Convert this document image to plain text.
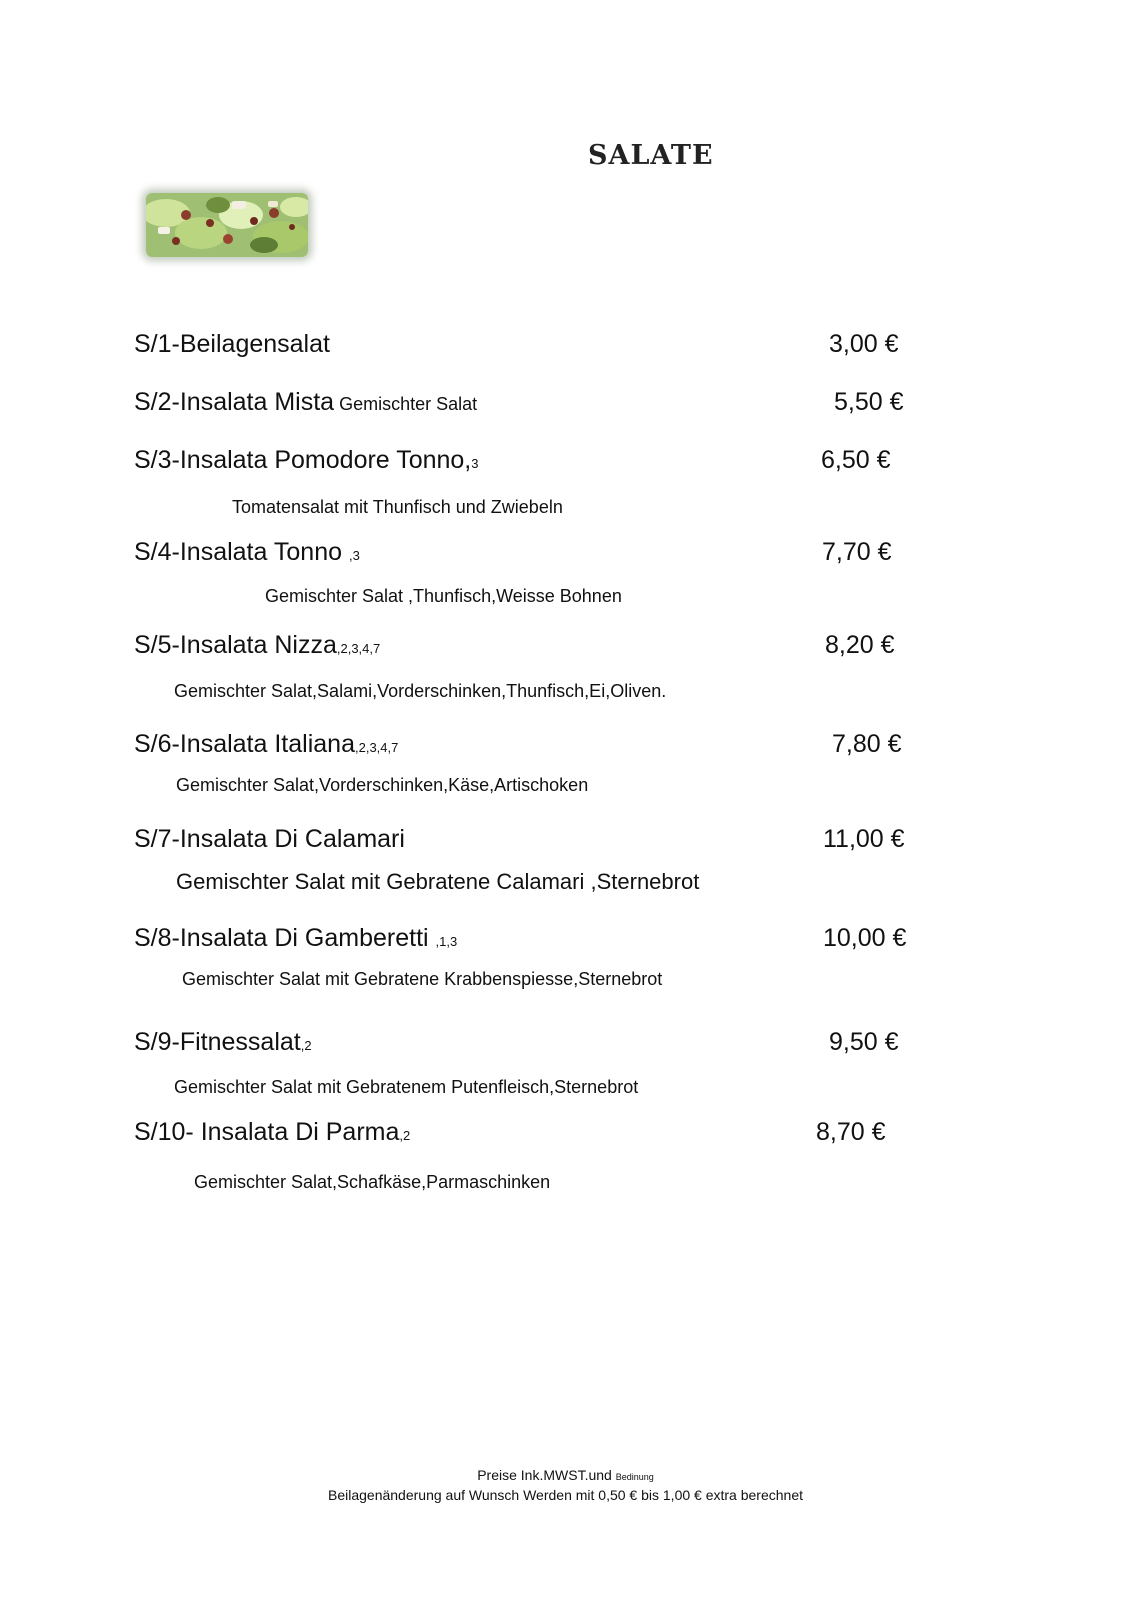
SALATE
S/1-Beilagensalat	3,00 €
S/2-Insalata Mista Gemischter Salat	5,50 €
S/3-Insalata Pomodore Tonno,3	6,50 €
Tomatensalat mit Thunfisch und Zwiebeln
S/4-Insalata Tonno ,3	7,70 €
Gemischter Salat ,Thunfisch,Weisse Bohnen
S/5-Insalata Nizza,2,3,4,7	8,20 €
Gemischter Salat,Salami,Vorderschinken,Thunfisch,Ei,Oliven.
S/6-Insalata Italiana,2,3,4,7	7,80 €
Gemischter Salat,Vorderschinken,Käse,Artischoken
S/7-Insalata Di Calamari	11,00 €
Gemischter Salat mit Gebratene Calamari ,Sternebrot
S/8-Insalata Di Gamberetti ,1,3	10,00 €
Gemischter Salat mit Gebratene Krabbenspiesse,Sternebrot
S/9-Fitnessalat,2	9,50 €
Gemischter Salat mit Gebratenem Putenfleisch,Sternebrot
S/10- Insalata Di Parma,2	8,70 €
Gemischter Salat,Schafkäse,Parmaschinken
Preise Ink.MWST.und Bedinung
Beilagenänderung auf Wunsch Werden mit 0,50 € bis 1,00 € extra berechnet
